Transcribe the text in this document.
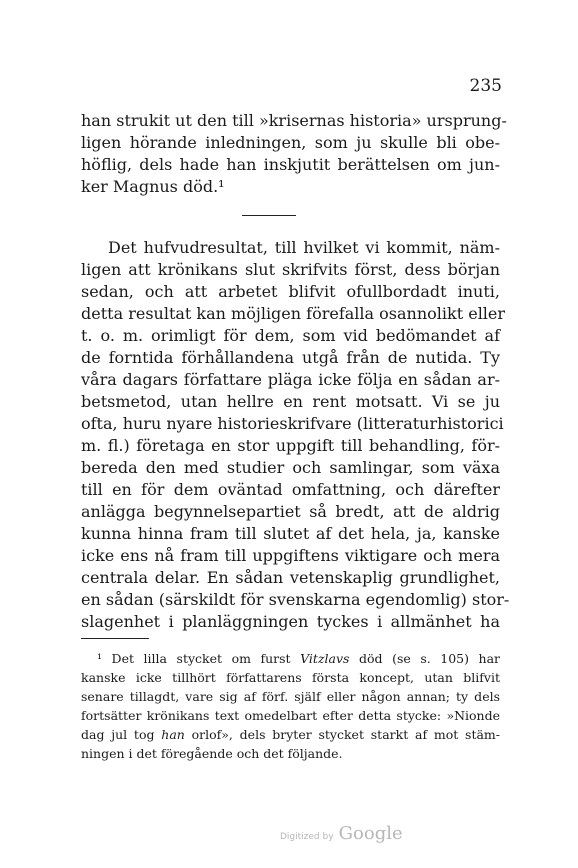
235

han strukit ut den till »krisernas historia» ursprung-

ligen hörande inledningen, som ju skulle bli obe-

höflig, dels hade han inskjutit berättelsen om jun-

ker Magnus död.¹

Det hufvudresultat, till hvilket vi kommit, näm-

ligen att krönikans slut skrifvits först, dess början

sedan, och att arbetet blifvit ofullbordadt inuti,

detta resultat kan möjligen förefalla osannolikt eller

t. o. m. orimligt för dem, som vid bedömandet af

de forntida förhållandena utgå från de nutida. Ty

våra dagars författare pläga icke följa en sådan ar-

betsmetod, utan hellre en rent motsatt. Vi se ju

ofta, huru nyare historieskrifvare (litteraturhistorici

m. fl.) företaga en stor uppgift till behandling, för-

bereda den med studier och samlingar, som växa

till en för dem oväntad omfattning, och därefter

anlägga begynnelsepartiet så bredt, att de aldrig

kunna hinna fram till slutet af det hela, ja, kanske

icke ens nå fram till uppgiftens viktigare och mera

centrala delar. En sådan vetenskaplig grundlighet,

en sådan (särskildt för svenskarna egendomlig) stor-

slagenhet i planläggningen tyckes i allmänhet ha

¹ Det lilla stycket om furst Vitzlavs död (se s. 105) har

kanske icke tillhört författarens första koncept, utan blifvit

senare tillagdt, vare sig af förf. själf eller någon annan; ty dels

fortsätter krönikans text omedelbart efter detta stycke: »Nionde

dag jul tog han orlof», dels bryter stycket starkt af mot stäm-

ningen i det föregående och det följande.

Digitized by Google
